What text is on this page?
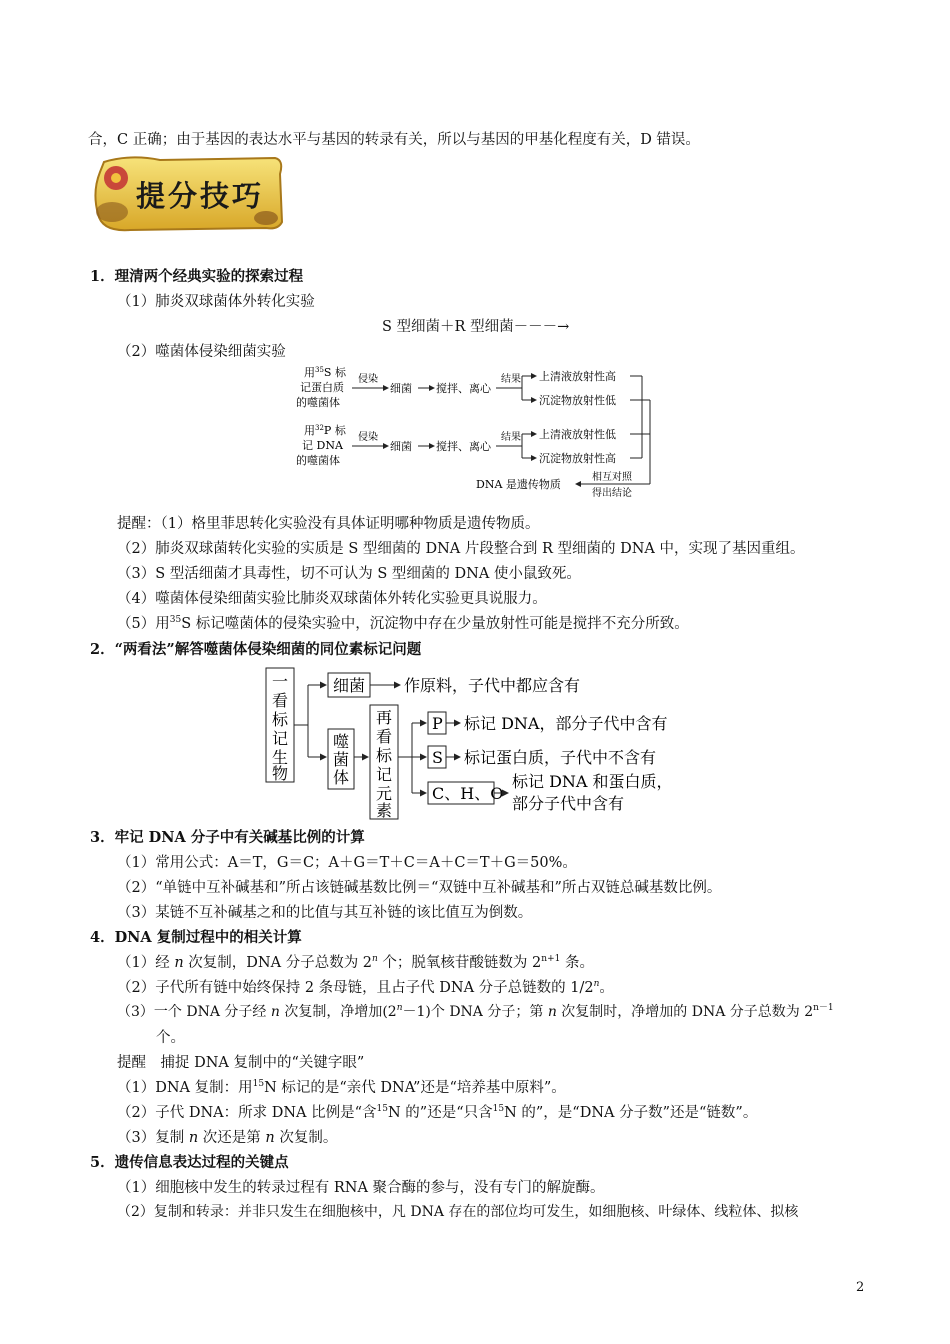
合，C 正确；由于基因的表达水平与基因的转录有关，所以与基因的甲基化程度有关，D 错误。
提分技巧
1．理清两个经典实验的探索过程
（1）肺炎双球菌体外转化实验
S 型细菌＋R 型细菌－－－→
（2）噬菌体侵染细菌实验
用$^{35}$S 标
记蛋白质
的噬菌体
侵染
细菌 搅拌、离心
结果 上清液放射性高
沉淀物放射性低
用$^{32}$P 标
记 DNA
的噬菌体
侵染
细菌 搅拌、离心
结果 上清液放射性低
沉淀物放射性高
相互对照
得出结论
DNA 是遗传物质
提醒：（1）格里菲思转化实验没有具体证明哪种物质是遗传物质。
（2）肺炎双球菌转化实验的实质是 S 型细菌的 DNA 片段整合到 R 型细菌的 DNA 中，实现了基因重组。
（3）S 型活细菌才具毒性，切不可认为 S 型细菌的 DNA 使小鼠致死。
（4）噬菌体侵染细菌实验比肺炎双球菌体外转化实验更具说服力。
（5）用$^{35}$S 标记噬菌体的侵染实验中，沉淀物中存在少量放射性可能是搅拌不充分所致。
2．“两看法”解答噬菌体侵染细菌的同位素标记问题
一
看
标
记
生
物
细菌 作原料，子代中都应含有
噬
菌
体
再
看
标
记
元
素
P 标记 DNA，部分子代中含有
S 标记蛋白质，子代中不含有
C、H、O
标记 DNA 和蛋白质，
部分子代中含有
3．牢记 DNA 分子中有关碱基比例的计算
（1）常用公式：A＝T，G＝C；A＋G＝T＋C＝A＋C＝T＋G＝50%。
（2）“单链中互补碱基和”所占该链碱基数比例＝“双链中互补碱基和”所占双链总碱基数比例。
（3）某链不互补碱基之和的比值与其互补链的该比值互为倒数。
4．DNA 复制过程中的相关计算
（1）经 n 次复制，DNA 分子总数为 2$^n$ 个；脱氧核苷酸链数为 $2^{n+1}$ 条。
（2）子代所有链中始终保持 2 条母链，且占子代 DNA 分子总链数的 1/2$^n$。
（3）一个 DNA 分子经 n 次复制，净增加$(2^n-1)$个 DNA 分子；第 n 次复制时，净增加的 DNA 分子总数为 $2^{n-1}$
个。
提醒　捕捉 DNA 复制中的“关键字眼”
（1）DNA 复制：用$^{15}$N 标记的是“亲代 DNA”还是“培养基中原料”。
（2）子代 DNA：所求 DNA 比例是“含$^{15}$N 的”还是“只含$^{15}$N 的”，是“DNA 分子数”还是“链数”。
（3）复制 n 次还是第 n 次复制。
5．遗传信息表达过程的关键点
（1）细胞核中发生的转录过程有 RNA 聚合酶的参与，没有专门的解旋酶。
（2）复制和转录：并非只发生在细胞核中，凡 DNA 存在的部位均可发生，如细胞核、叶绿体、线粒体、拟核
2
